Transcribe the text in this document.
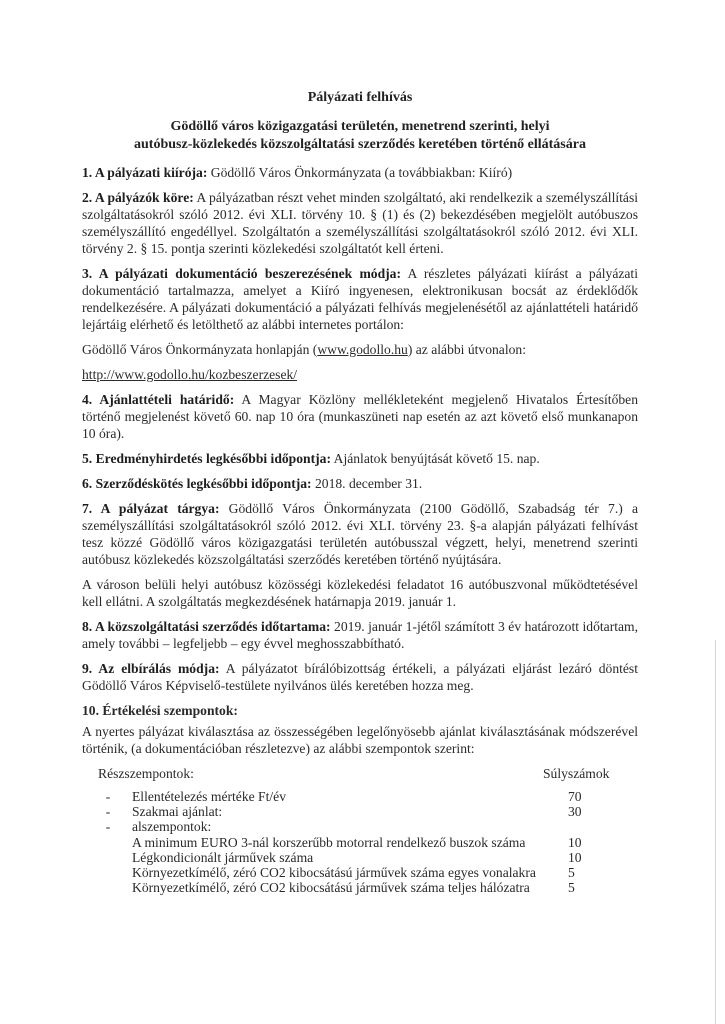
Pályázati felhívás
Gödöllő város közigazgatási területén, menetrend szerinti, helyi
autóbusz-közlekedés közszolgáltatási szerződés keretében történő ellátására

1. A pályázati kiírója: Gödöllő Város Önkormányzata (a továbbiakban: Kiíró)

2. A pályázók köre: A pályázatban részt vehet minden szolgáltató, aki rendelkezik a személyszállítási szolgáltatásokról szóló 2012. évi XLI. törvény 10. § (1) és (2) bekezdésében megjelölt autóbuszos személyszállító engedéllyel. Szolgáltatón a személyszállítási szolgáltatásokról szóló 2012. évi XLI. törvény 2. § 15. pontja szerinti közlekedési szolgáltatót kell érteni.

3. A pályázati dokumentáció beszerezésének módja: A részletes pályázati kiírást a pályázati dokumentáció tartalmazza, amelyet a Kiíró ingyenesen, elektronikusan bocsát az érdeklődők rendelkezésére. A pályázati dokumentáció a pályázati felhívás megjelenésétől az ajánlattételi határidő lejártáig elérhető és letölthető az alábbi internetes portálon:

Gödöllő Város Önkormányzata honlapján (www.godollo.hu) az alábbi útvonalon:

http://www.godollo.hu/kozbeszerzesek/

4. Ajánlattételi határidő: A Magyar Közlöny mellékleteként megjelenő Hivatalos Értesítőben történő megjelenést követő 60. nap 10 óra (munkaszüneti nap esetén az azt követő első munkanapon 10 óra).

5. Eredményhirdetés legkésőbbi időpontja: Ajánlatok benyújtását követő 15. nap.

6. Szerződéskötés legkésőbbi időpontja: 2018. december 31.

7. A pályázat tárgya: Gödöllő Város Önkormányzata (2100 Gödöllő, Szabadság tér 7.) a személyszállítási szolgáltatásokról szóló 2012. évi XLI. törvény 23. §-a alapján pályázati felhívást tesz közzé Gödöllő város közigazgatási területén autóbusszal végzett, helyi, menetrend szerinti autóbusz közlekedés közszolgáltatási szerződés keretében történő nyújtására.

A városon belüli helyi autóbusz közösségi közlekedési feladatot 16 autóbuszvonal működtetésével kell ellátni. A szolgáltatás megkezdésének határnapja 2019. január 1.

8. A közszolgáltatási szerződés időtartama: 2019. január 1-jétől számított 3 év határozott időtartam, amely további – legfeljebb – egy évvel meghosszabbítható.

9. Az elbírálás módja: A pályázatot bírálóbizottság értékeli, a pályázati eljárást lezáró döntést Gödöllő Város Képviselő-testülete nyilvános ülés keretében hozza meg.

10. Értékelési szempontok:

A nyertes pályázat kiválasztása az összességében legelőnyösebb ajánlat kiválasztásának módszerével történik, (a dokumentációban részletezve) az alábbi szempontok szerint:

Részszempontok:	Súlyszámok
-	Ellentételezés mértéke Ft/év	70
-	Szakmai ajánlat:	30
-	alszempontok:
A minimum EURO 3-nál korszerűbb motorral rendelkező buszok száma	10
Légkondicionált járművek száma	10
Környezetkímélő, zéró CO2 kibocsátású járművek száma egyes vonalakra	5
Környezetkímélő, zéró CO2 kibocsátású járművek száma teljes hálózatra	5
